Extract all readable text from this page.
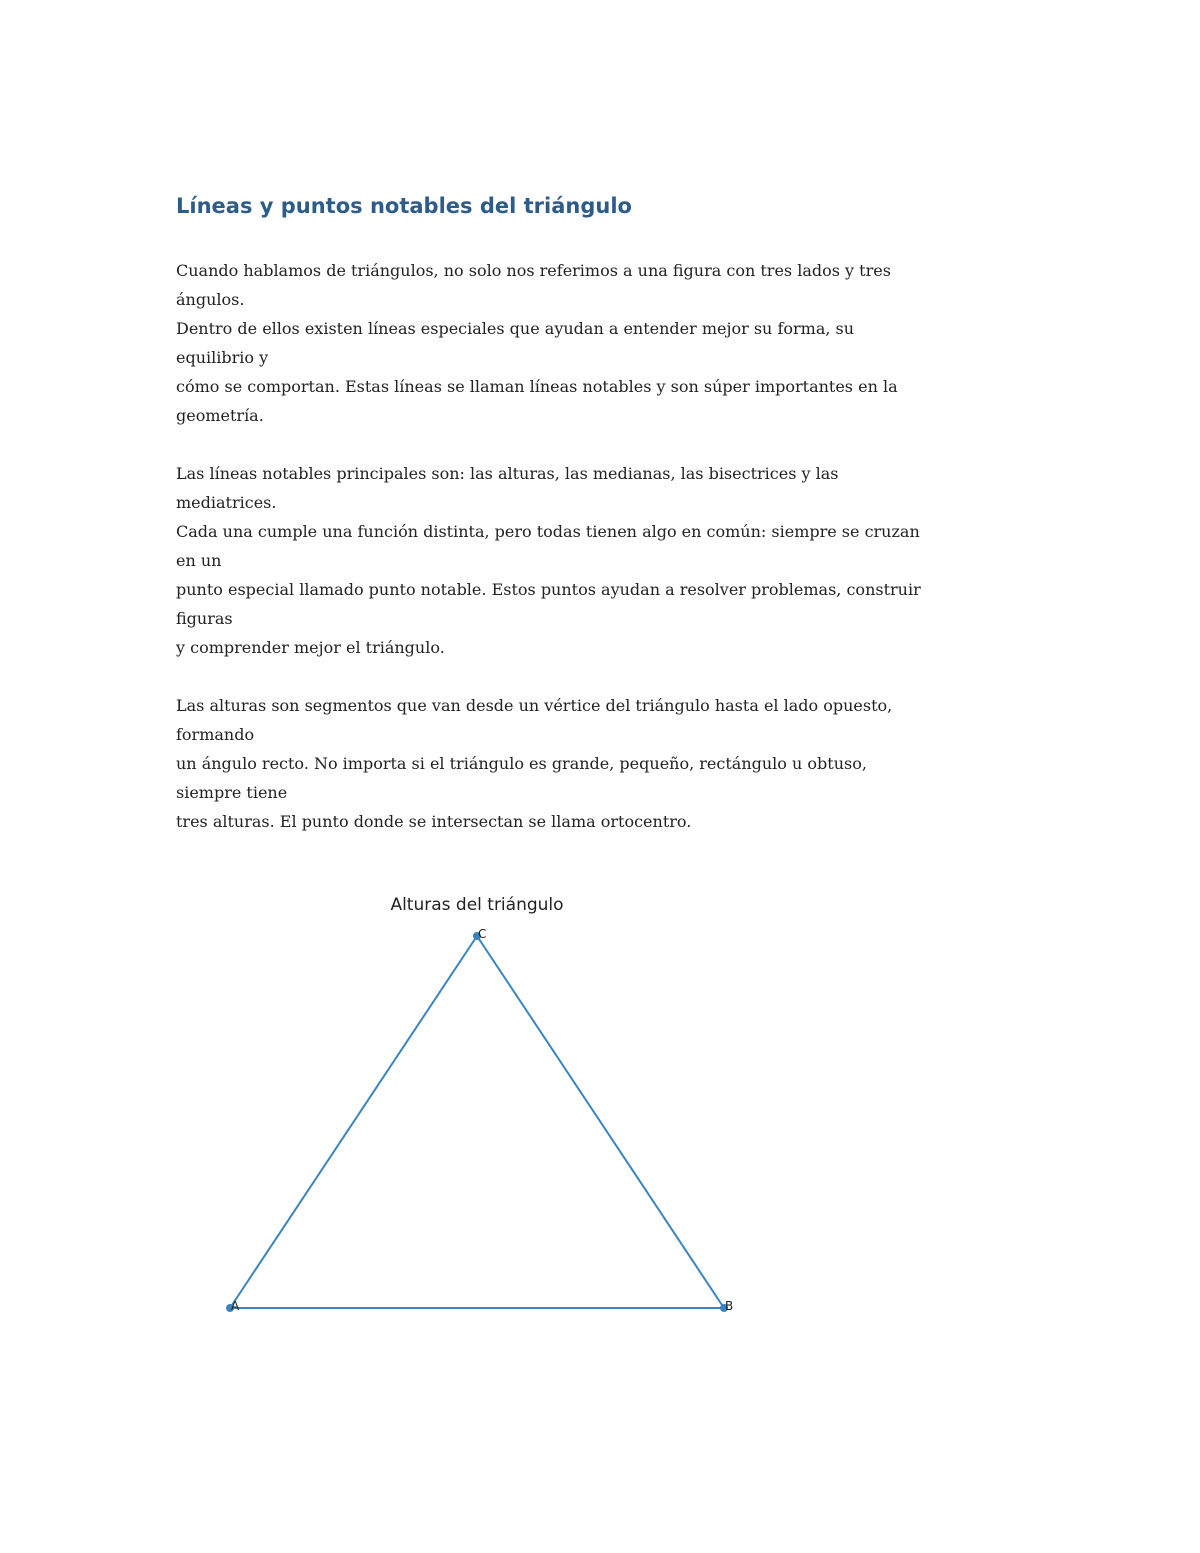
Líneas y puntos notables del triángulo

Cuando hablamos de triángulos, no solo nos referimos a una figura con tres lados y tres
ángulos.
Dentro de ellos existen líneas especiales que ayudan a entender mejor su forma, su
equilibrio y
cómo se comportan. Estas líneas se llaman líneas notables y son súper importantes en la
geometría.

Las líneas notables principales son: las alturas, las medianas, las bisectrices y las
mediatrices.
Cada una cumple una función distinta, pero todas tienen algo en común: siempre se cruzan
en un
punto especial llamado punto notable. Estos puntos ayudan a resolver problemas, construir
figuras
y comprender mejor el triángulo.

Las alturas son segmentos que van desde un vértice del triángulo hasta el lado opuesto,
formando
un ángulo recto. No importa si el triángulo es grande, pequeño, rectángulo u obtuso,
siempre tiene
tres alturas. El punto donde se intersectan se llama ortocentro.

Alturas del triángulo
A	B
C
